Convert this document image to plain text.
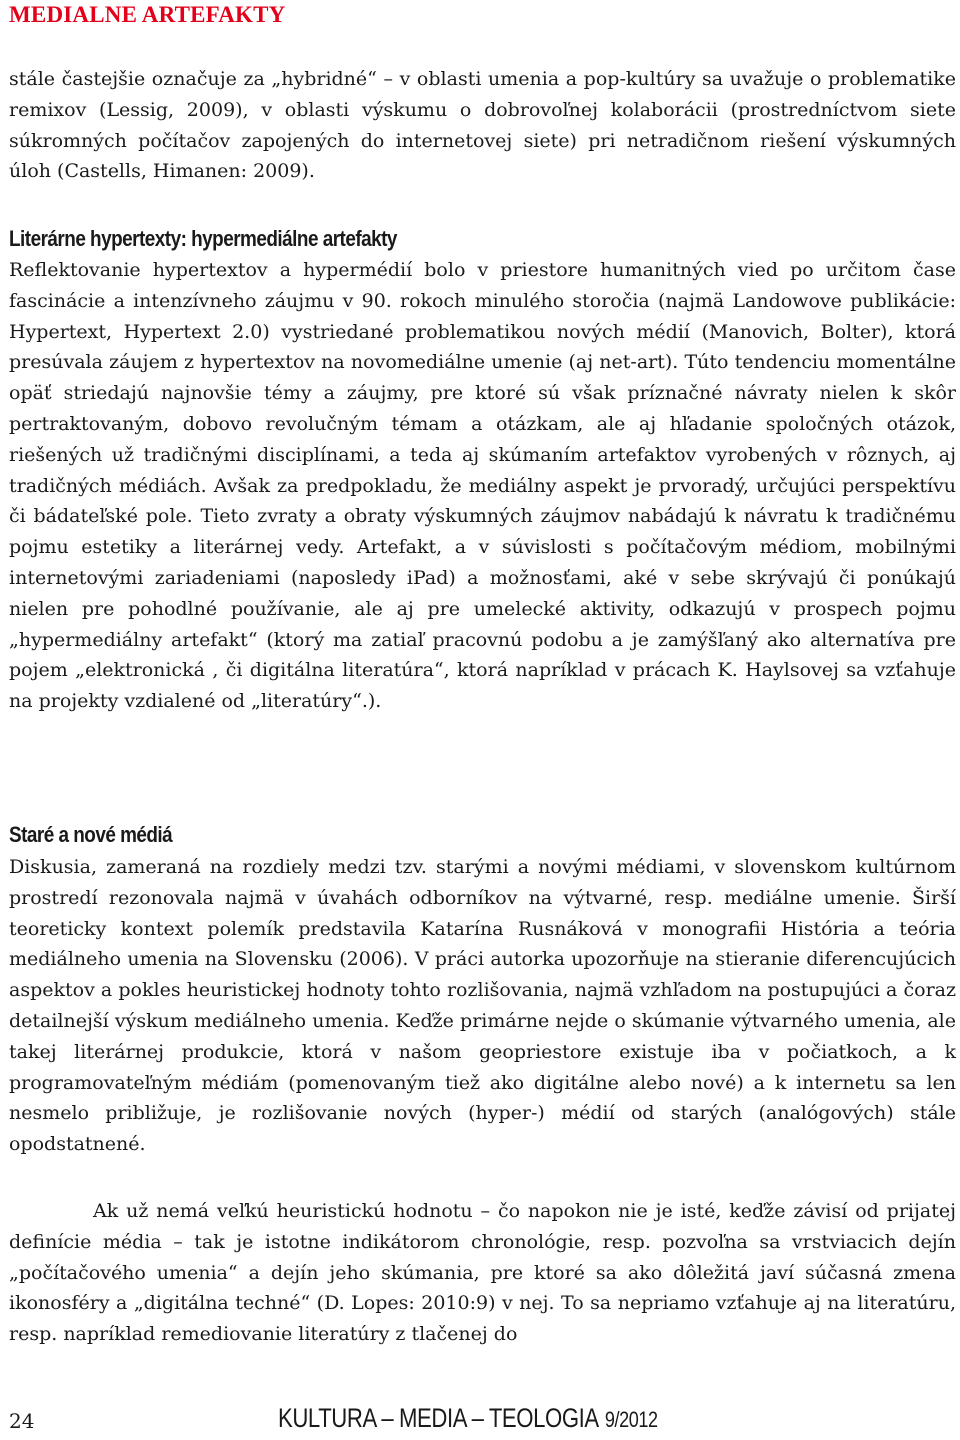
MEDIALNE ARTEFAKTY

stále častejšie označuje za „hybridné“ – v oblasti umenia a pop-kultúry sa uvažuje o problematike remixov (Lessig, 2009), v oblasti výskumu o dobrovoľnej kolaborácii (prostredníctvom siete súkromných počítačov zapojených do internetovej siete) pri netradičnom riešení výskumných úloh (Castells, Himanen: 2009).

Literárne hypertexty: hypermediálne artefakty

Reflektovanie hypertextov a hypermédií bolo v priestore humanitných vied po určitom čase fascinácie a intenzívneho záujmu v 90. rokoch minulého storočia (najmä Landowove publikácie: Hypertext, Hypertext 2.0) vystriedané problematikou nových médií (Manovich, Bolter), ktorá presúvala záujem z hypertextov na novomediálne umenie (aj net-art). Túto tendenciu momentálne opäť striedajú najnovšie témy a záujmy, pre ktoré sú však príznačné návraty nielen k skôr pertraktovaným, dobovo revolučným témam a otázkam, ale aj hľadanie spoločných otázok, riešených už tradičnými disciplínami, a teda aj skúmaním artefaktov vyrobených v rôznych, aj tradičných médiách. Avšak za predpokladu, že mediálny aspekt je prvoradý, určujúci perspektívu či bádateľské pole. Tieto zvraty a obraty výskumných záujmov nabádajú k návratu k tradičnému pojmu estetiky a literárnej vedy. Artefakt, a v súvislosti s počítačovým médiom, mobilnými internetovými zariadeniami (naposledy iPad) a možnosťami, aké v sebe skrývajú či ponúkajú nielen pre pohodlné používanie, ale aj pre umelecké aktivity, odkazujú v prospech pojmu „hypermediálny artefakt“ (ktorý ma zatiaľ pracovnú podobu a je zamýšľaný ako alternatíva pre pojem „elektronická , či digitálna literatúra“, ktorá napríklad v prácach K. Haylsovej sa vzťahuje na projekty vzdialené od „literatúry“.).

Staré a nové médiá

Diskusia, zameraná na rozdiely medzi tzv. starými a novými médiami, v slovenskom kultúrnom prostredí rezonovala najmä v úvahách odborníkov na výtvarné, resp. mediálne umenie. Širší teoreticky kontext polemík predstavila Katarína Rusnáková v monografii História a teória mediálneho umenia na Slovensku (2006). V práci autorka upozorňuje na stieranie diferencujúcich aspektov a pokles heuristickej hodnoty tohto rozlišovania, najmä vzhľadom na postupujúci a čoraz detailnejší výskum mediálneho umenia. Keďže primárne nejde o skúmanie výtvarného umenia, ale takej literárnej produkcie, ktorá v našom geopriestore existuje iba v počiatkoch, a k programovateľným médiám (pomenovaným tiež ako digitálne alebo nové) a k internetu sa len nesmelo približuje, je rozlišovanie nových (hyper-) médií od starých (analógových) stále opodstatnené.

Ak už nemá veľkú heuristickú hodnotu – čo napokon nie je isté, keďže závisí od prijatej definície média – tak je istotne indikátorom chronológie, resp. pozvoľna sa vrstviacich dejín „počítačového umenia“ a dejín jeho skúmania, pre ktoré sa ako dôležitá javí súčasná zmena ikonosféry a „digitálna techné“ (D. Lopes: 2010:9) v nej. To sa nepriamo vzťahuje aj na literatúru, resp. napríklad remediovanie literatúry z tlačenej do

24	KULTURA – MEDIA – TEOLOGIA 9/2012
